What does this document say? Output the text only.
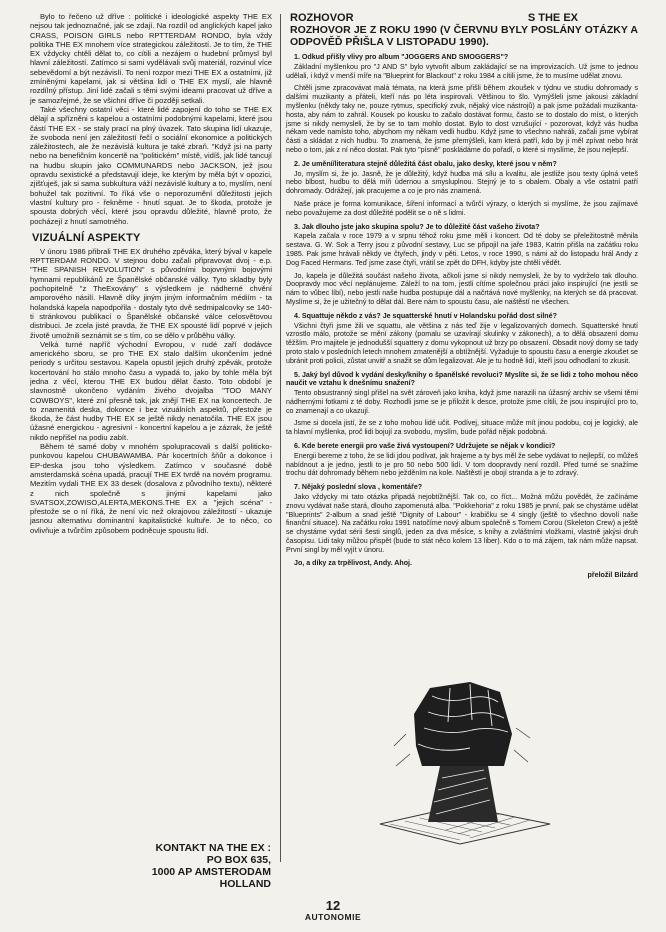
Bylo to řečeno už dříve : politické i ideologické aspekty THE EX nejsou tak jednoznačné, jak se zdají. Na rozdíl od anglických kapel jako CRASS, POISON GIRLS nebo RPTTERDAM RONDO, byla vždy politika THE EX mnohem více strategickou záležitostí. Je to tím, že THE EX vždycky chtěli dělat to, co cítili a nezájem o hudební průmysl byl hlavní záležitostí. Zatímco si sami vydělávali svůj materiál, rozvinul více sebevědomí a být nezávislí. To není rozpor mezi THE EX a ostatními, již zmíněnými kapelami, jak si většina lidí o THE EX myslí, ale hlavně rozdílný přístup. Jiní lidé začali s těmi svými ideami pracovat už dříve a je samozřejmé, že se všichni dříve či později setkali.

Také všechny ostatní věci - které lidé zapojení do toho se THE EX dělají a spřízněni s kapelou a ostatními podobnými kapelami, které jsou částí THE EX - se staly prací na plný úvazek. Tato skupina lidí ukazuje, že svoboda není jen záležitostí řečí o sociální ekonomice a politických záležitostech, ale že nezávislá kultura je také zbraň. "Když jsi na party nebo na benefičním koncertě na "politickém" místě, vidíš, jak lidé tancují na hudbu skupin jako COMMUNARDS nebo JACKSON, jež jsou opravdu sexistické a představují ideje, ke kterým by měla být v opozici, zjišťuješ, jak si sama subkultura váží nezávislé kultury a to, myslím, není bohužel tak pozitivní. To říká vše o neporozumění důležitosti jejich vlastní kultury pro - řekněme - hnutí squat. Je to škoda, protože je spousta dobrých věcí, které jsou opravdu důležité, hlavně proto, že pocházejí z hnutí samotného.

VIZUÁLNÍ ASPEKTY

V únoru 1986 přibrali THE EX druhého zpěváka, který býval v kapele RPTTERDAM RONDO. V stejnou dobu začali připravovat dvoj - e.p. "THE SPANISH REVOLUTION" s původními bojovnými bojovými hymnami republikánů ze Španělské občanské války. Tyto skladby byly pochopitelně "z TheExovány" s výsledkem je nádherné chvění amporového násilí. Hlavně díky jiným jiným informačním médiím - ta holandská kapela napodpořila - dostaly tyto dvě sedmipalcovky se 140-ti stránkovou publikací o Španělské občanské válce celosvětovou distribuci. Je zcela jisté pravda, že THE EX spousté lidí poprvé v jejich životě umožnili seznámit se s tím, co se dělo v průběhu války.

Velká turné napříč východní Evropou, v rudé zaří dodávce amerického sboru, se pro THE EX stalo dalším ukončením jedné periody s určitou sestavou. Kapela opustil jejich druhý zpěvák, protože kocertování ho stálo mnoho času a vypadá to, jako by tohle měla být jedna z věcí, kterou THE EX budou dělat často. Toto období je slavnostně ukončeno vydáním živého dvojalba "TOO MANY COWBOYS", které zní přesně tak, jak znějí THE EX na koncertech. Je to znamenitá deska, dokonce i bez vizuálních aspektů, přestože je škoda, že část hudby THE EX se ještě nikdy nenatočila. THE EX jsou úžasné energickou - agresivní - koncertní kapelou a je zázrak, že ještě nikdo nepřišel na podiu zabít.

Během té samé doby v mnohém spolupracovali s další politicko-punkovou kapelou CHUBAWAMBA. Pár kocertních šňůr a dokonce i EP-deska jsou toho výsledkem. Zatímco v současné době amsterdamská scéna upadá, pracují THE EX tvrdě na novém programu. Mezitím vydali THE EX 33 desek (dosalova z původního textu), některé z nich společně s jinými kapelami jako SVATSOX,ZOWISO,ALERTA,MEKONS.THE EX a "jejich scéna" - přestože se o ní říká, že není víc než okrajovou záležitostí - ukazuje jasnou alternativu dominantní kapitalistické kultuře. Je to něco, co ovlivňuje a tvůrčím způsobem podněcuje spoustu lidí.

KONTAKT NA THE EX :
PO BOX 635,
1000 AP AMSTERODAM
HOLLAND
ROZHOVOR	S THE EX
ROZHOVOR JE Z ROKU 1990 (V ČERVNU BYLY POSLÁNY OTÁZKY A ODPOVĚĎ PŘIŠLA V LISTOPADU 1990).

1. Odkud přišly vlivy pro album "JOGGERS AND SMOGGERS"?

Základní myšlenkou pro "J AND S" bylo vytvořit album zakládající se na improvizacích. Už jsme to jednou udělali, i když v menší míře na "Blueprint for Blackout" z roku 1984 a cítili jsme, že to musíme udělat znovu.

Chtěli jsme zpracovávat malá témata, na která jsme přišli během zkoušek v týdnu ve studiu dohromady s dalšími muzikanty a přáteli, kteří nás po léta inspirovali. Většinou to šlo. Vymýšleli jsme jakousi základní myšlenku (někdy taky ne, pouze rytmus, specifický zvuk, nějaký více nástrojů) a pak jsme požádali muzikanta-hosta, aby nám to zahrál. Kousek po kousku to začalo dostávat formu, často se to dostalo do míst, o kterých jsme si nikdy nemysleli, že by se to tam mohlo dostat. Bylo to dost vzrušující - pozorovat, když vás hudba nékam vede namísto toho, abychom my někam vedli hudbu. Když jsme to všechno nahráli, začali jsme vybírat části a skládat z nich hudbu. To znamená, že jsme přemýšleli, kam která patří, kdo by ji měl zpívat nebo hrát nebo o tom, jak z ní něco dostat. Pak tyto "písně" poskládáme do pořadí, o které si myslíme, že jsou nejlepší.

2. Je umění/literatura stejně důležitá část obalu, jako desky, které jsou v něm?

Jo, myslím si, že jo. Jasně, že je důležitý, když hudba má sílu a kvalitu, ale jestliže jsou texty úplná veteš nebo blbost, hudbu to dělá míň údernou a smysluplnou. Stejný je to s obalem. Obaly a vše ostatní patří dohromady. Odrážejí, jak pracujeme a co je pro nás znamená.

Naše práce je forma komunikace, šíření informací a tvůrčí výrazy, o kterých si myslíme, že jsou zajímavé nebo považujeme za dost důležité podělit se o ně s lidmi.

3. Jak dlouho jste jako skupina spolu? Je to důležité část vašeho života?

Kapela začala v roce 1979 a v srpnu téhož roku jsme měli i koncert. Od té doby se přeležitostně měnila sestava. G. W. Sok a Terry jsou z původní sestavy, Luc se připojil na jaře 1983, Katrin přišla na začátku roku 1985. Pak jsme hrávali někdy ve čtyřech, jindy v pěti. Letos, v roce 1990, s námi až do listopadu hrál Andy z Dog Faced Hermans. Teď jsme zase čtyři, vrátil se zpět do DFH, kdyby jste chtěli vědět.

Jo, kapela je důležitá součást našeho života, ačkoli jsme si nikdy nemysleli, že by to vydrželo tak dlouho. Doopravdy moc věcí neplánujeme. Záleží to na tom, jestli cítíme společnou práci jako inspirující (ne jestli se nám to vůbec líbí), nebo jestli naše hudba postupuje dál a načrtává nové myšlenky, na kterých se dá pracovat. Myslíme si, že je užitečný to dělat dál. Bere nám to spoustu času, ale naštěstí ne všechen.

4. Squattuje někdo z vás? Je squatterské hnutí v Holandsku pořád dost silné?

Všichni čtyři jsme žili ve squattu, ale většina z nás teď žije v legalizovaných domech. Squatterské hnutí vzrostlo málo, protože se mění zákony (pomalu se uzavírají skulinky v zákonech), a to dělá obsazení domu těžším. Pro majitele je jednodušší squattery z domu vykopnout už brzy po obsazení. Obsadit nový domy se tady proto stalo v posledních letech mnohem zmatenější a obtížnější. Vyžaduje to spoustu času a energie zkoušet se ubránit proti policii, zůstat unvitř a snažit se dům legalizovat. Ale je tu hodně lidí, kteří jsou odhodlaní to zkusit.

5. Jaký byl důvod k vydání desky/knihy o španělské revoluci? Myslíte si, že se lidi z toho mohou něco naučit ve vztahu k dnešnímu snažení?

Tento obsustranný singl přišel na svět zároveň jako kniha, když jsme narazili na úžasný archiv se všemi těmi nádhernými fotkami z té doby. Rozhodli jsme se je přiložit k desce, protože jsme cítili, že jsou inspirující pro to, co znamenají a co ukazují.

Jsme si docela jistí, že se z toho mohou lidé učit. Podívej, situace může mít jinou podobu, coj je logický, ale ta hlavní myšlenka, proč lidi bojují za svobodu, myslím, bude pořád nějak podobná.

6. Kde berete energii pro vaše živá vystoupení? Udržujete se nějak v kondici?

Energii bereme z toho, že se lidi jdou podívat, jak hrajeme a ty bys měl že sebe vydávat to nejlepší, co můžeš nabídnout a je jedno, jestli to je pro 50 nebo 500 lidí. V tom doopravdy není rozdíl. Před turné se snažíme trochu dát dohromady během nebo ježděním na kole. Naštěstí je obojí stranda a je to zdravý.

7. Nějaký poslední slova , komentáře?

Jako vždycky mi tato otázka připadá nejobtížnější. Tak co, co říct... Možná můžu povědět, že začínáme znovu vydávat naše stará, dlouho zapomenutá alba. "Pokkehoria" z roku 1985 je první, pak se chystáme udělat "Blueprints" 2-album a snad ještě "Dignity of Labour" - krabičku se 4 singly (ještě to všechno dovolí naše finanční situace). Na začátku roku 1991 natočíme nový album společně s Tomem Corou (Skeleton Crew) a ještě se chystáme vydat sérii šesti singlů, jeden za dva měsíce, s knihy a zvláštními vložkami, vlastně jakýsi druh časopisu. Lidi taky můžou přispět (bude to stát něco kolem 13 liber). Kdo o to má zájem, tak nám může napsat. První singl by měl vyjít v únoru.

Jo, a díky za trpělivost, Andy. Ahoj.

přeložil Bilzárd

12
AUTONOMIE
